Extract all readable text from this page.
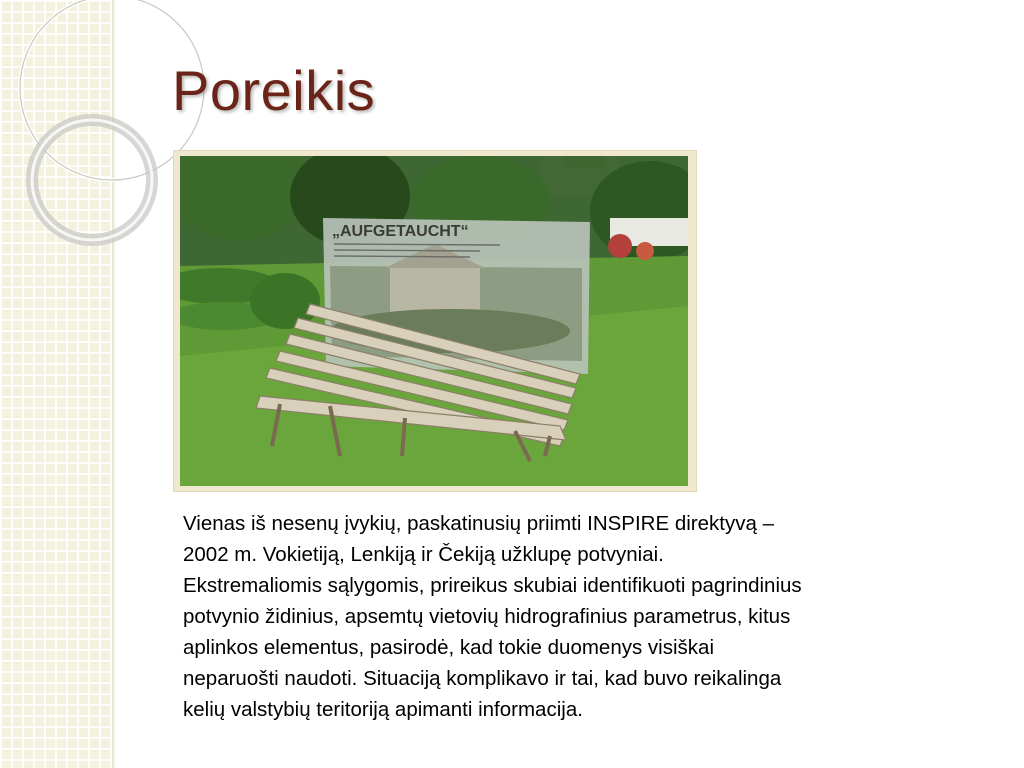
Poreikis
„AUFGETAUCHT“

Vienas iš nesenų įvykių, paskatinusių priimti INSPIRE direktyvą –
2002 m. Vokietiją, Lenkiją ir Čekiją užklupę potvyniai.
Ekstremaliomis sąlygomis, prireikus skubiai identifikuoti pagrindinius
potvynio židinius, apsemtų vietovių hidrografinius parametrus, kitus
aplinkos elementus, pasirodė, kad tokie duomenys visiškai
neparuošti naudoti. Situaciją komplikavo ir tai, kad buvo reikalinga
kelių valstybių teritoriją apimanti informacija.
